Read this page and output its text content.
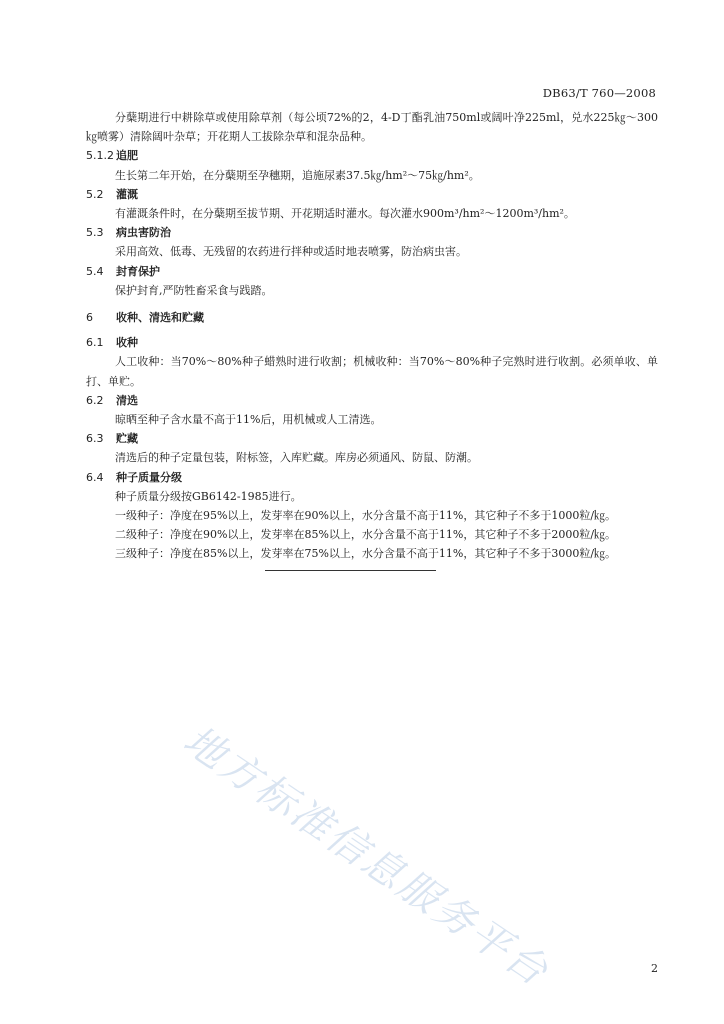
DB63/T 760—2008

分蘖期进行中耕除草或使用除草剂（每公顷72%的2，4-D丁酯乳油750ml或阔叶净225ml，兑水225㎏～300㎏喷雾）清除阔叶杂草；开花期人工拔除杂草和混杂品种。

5.1.2 追肥

生长第二年开始，在分蘖期至孕穗期，追施尿素37.5㎏/hm²～75㎏/hm²。

5.2 灌溉

有灌溉条件时，在分蘖期至拔节期、开花期适时灌水。每次灌水900m³/hm²～1200m³/hm²。

5.3 病虫害防治

采用高效、低毒、无残留的农药进行拌种或适时地表喷雾，防治病虫害。

5.4 封育保护

保护封育,严防牲畜采食与践踏。

6 收种、清选和贮藏
6.1 收种

人工收种：当70%～80%种子蜡熟时进行收割；机械收种：当70%～80%种子完熟时进行收割。必须单收、单打、单贮。

6.2 清选

晾晒至种子含水量不高于11%后，用机械或人工清选。

6.3 贮藏

清选后的种子定量包装，附标签，入库贮藏。库房必须通风、防鼠、防潮。

6.4 种子质量分级

种子质量分级按GB6142-1985进行。

一级种子：净度在95%以上，发芽率在90%以上，水分含量不高于11%，其它种子不多于1000粒/㎏。

二级种子：净度在90%以上，发芽率在85%以上，水分含量不高于11%，其它种子不多于2000粒/㎏。

三级种子：净度在85%以上，发芽率在75%以上，水分含量不高于11%，其它种子不多于3000粒/㎏。

地方标准信息服务平台	2
